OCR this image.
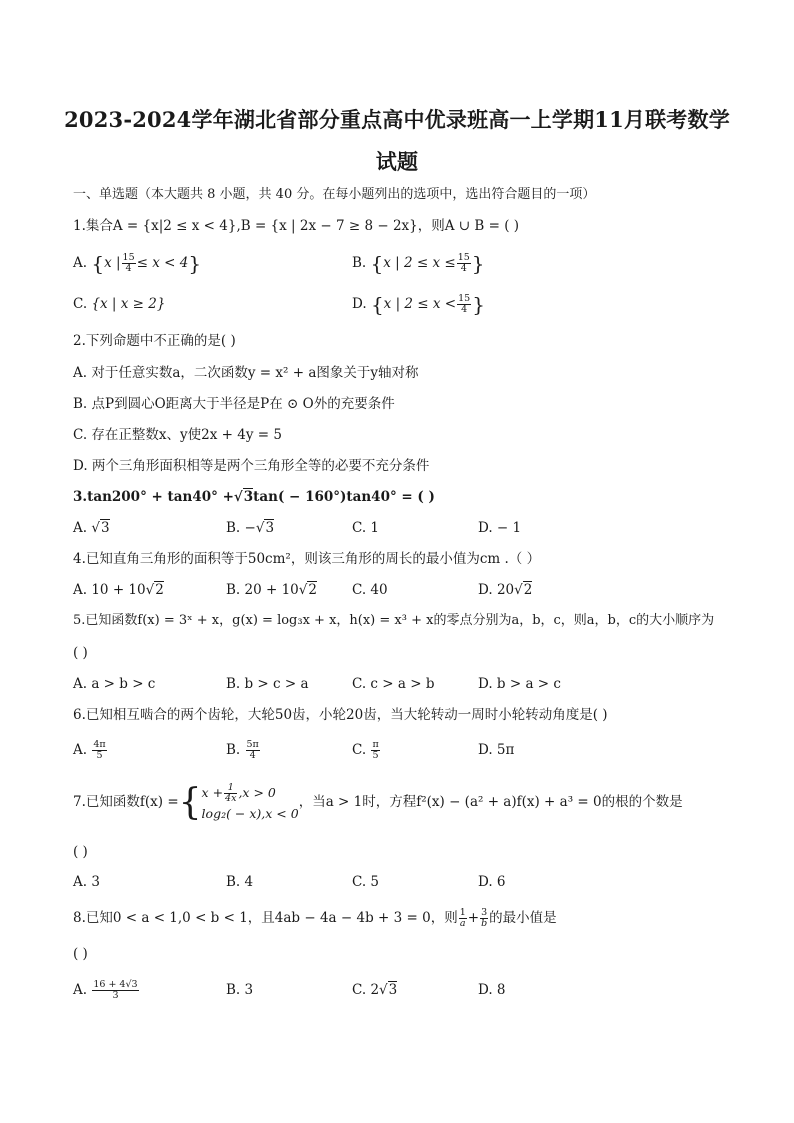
2023-2024学年湖北省部分重点高中优录班高一上学期11月联考数学
试题
一、单选题（本大题共 8 小题，共 40 分。在每小题列出的选项中，选出符合题目的一项）
1.集合A = {x|2 ≤ x < 4},B = {x | 2x − 7 ≥ 8 − 2x}，则A ∪ B = ( )
A. {x | $\frac{15}{4} \le x < 4$}	B. {x | $2 \le x \le \frac{15}{4}$ }
C. {x | x ≥ 2}	D. {x | $2 \le x < \frac{15}{4}$ }
2.下列命题中不正确的是( )
A. 对于任意实数a，二次函数y = x² + a图象关于y轴对称
B. 点P到圆心O距离大于半径是P在 ⊙ O外的充要条件
C. 存在正整数x、y使2x + 4y = 5
D. 两个三角形面积相等是两个三角形全等的必要不充分条件
3.tan200° + tan40° +√3tan( − 160°)tan40° = ( )
A. √3	B. −√3	C. 1	D. − 1
4.已知直角三角形的面积等于50cm²，则该三角形的周长的最小值为cm .（ ）
A. 10 + 10√2	B. 20 + 10√2	C. 40	D. 20√2
5.已知函数f(x) = 3ˣ + x，g(x) = log₃x + x，h(x) = x³ + x的零点分别为a，b，c，则a，b，c的大小顺序为
( )
A. a > b > c	B. b > c > a	C. c > a > b	D. b > a > c
6.已知相互啮合的两个齿轮，大轮50齿，小轮20齿，当大轮转动一周时小轮转动角度是( )
A. $\frac{4\pi}{5}$	B. $\frac{5\pi}{4}$	C. $\frac{\pi}{5}$	D. 5π
7.已知函数f(x) ={ $x + \frac{1}{4x} ,x > 0$
log₂( − x),x < 0
，当a > 1时，方程f²(x) − (a² + a)f(x) + a³ = 0的根的个数是
( )
A. 3	B. 4	C. 5	D. 6
8.已知0 < a < 1,0 < b < 1，且4ab − 4a − 4b + 3 = 0，则 $\frac{1}{a} + \frac{3}{b}$ 的最小值是
( )
A. $\frac{16 + 4√3}{3}$	B. 3	C. 2√3	D. 8
